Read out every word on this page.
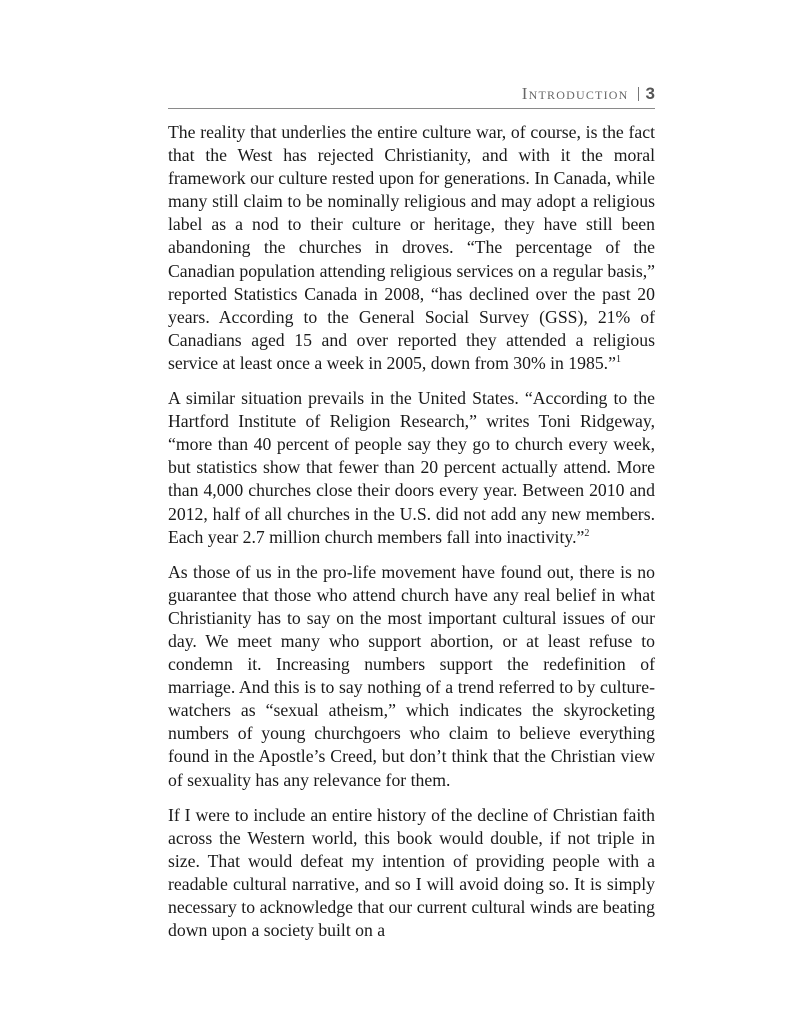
Introduction 3

The reality that underlies the entire culture war, of course, is the fact that the West has rejected Christianity, and with it the moral framework our culture rested upon for generations. In Canada, while many still claim to be nominally religious and may adopt a religious label as a nod to their culture or heritage, they have still been abandoning the churches in droves. “The percentage of the Canadian population attending religious services on a regular basis,” reported Statistics Canada in 2008, “has declined over the past 20 years. According to the General Social Survey (GSS), 21% of Canadians aged 15 and over reported they attended a religious service at least once a week in 2005, down from 30% in 1985.”$^1$

A similar situation prevails in the United States. “According to the Hartford Institute of Religion Research,” writes Toni Ridgeway, “more than 40 percent of people say they go to church every week, but statistics show that fewer than 20 percent actually attend. More than 4,000 churches close their doors every year. Between 2010 and 2012, half of all churches in the U.S. did not add any new members. Each year 2.7 million church members fall into inactivity.”$^2$

As those of us in the pro-life movement have found out, there is no guarantee that those who attend church have any real belief in what Christianity has to say on the most important cultural issues of our day. We meet many who support abortion, or at least refuse to condemn it. Increasing numbers support the redefinition of marriage. And this is to say nothing of a trend referred to by culture-watchers as “sexual atheism,” which indicates the skyrocketing numbers of young churchgoers who claim to believe everything found in the Apostle’s Creed, but don’t think that the Christian view of sexuality has any relevance for them.

If I were to include an entire history of the decline of Christian faith across the Western world, this book would double, if not triple in size. That would defeat my intention of providing people with a readable cultural narrative, and so I will avoid doing so. It is simply necessary to acknowledge that our current cultural winds are beating down upon a society built on a
